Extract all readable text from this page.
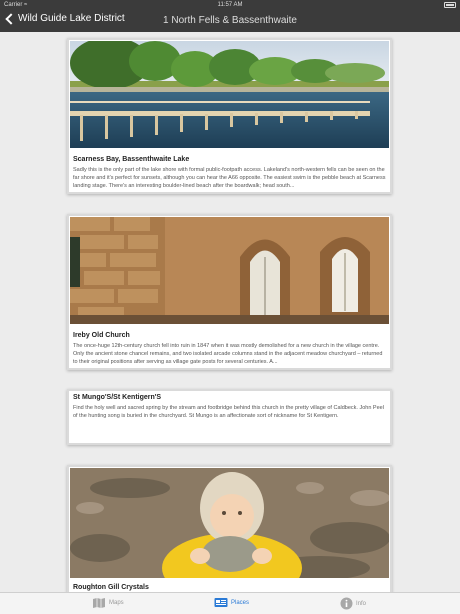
Carrier ≈	11:57 AM
Wild Guide Lake District	1 North Fells & Bassenthwaite
Scarness Bay, Bassenthwaite Lake
Sadly this is the only part of the lake shore with formal public-footpath access. Lakeland's north-western fells can be seen on the far shore and it's perfect for sunsets, although you can hear the A66 opposite. The easiest swim is the pebble beach at Scarness landing stage. There's an interesting boulder-lined beach after the boardwalk; head south...
Ireby Old Church
The once-huge 12th-century church fell into ruin in 1847 when it was mostly demolished for a new church in the village centre. Only the ancient stone chancel remains, and two isolated arcade columns stand in the adjacent meadow churchyard – returned to their original positions after serving as village gate posts for several centuries. A...
St Mungo'S/St Kentigern'S
Find the holy well and sacred spring by the stream and footbridge behind this church in the pretty village of Caldbeck. John Peel of the hunting song is buried in the churchyard. St Mungo is an affectionate sort of nickname for St Kentigern.
Roughton Gill Crystals
Maps	Places	Info
